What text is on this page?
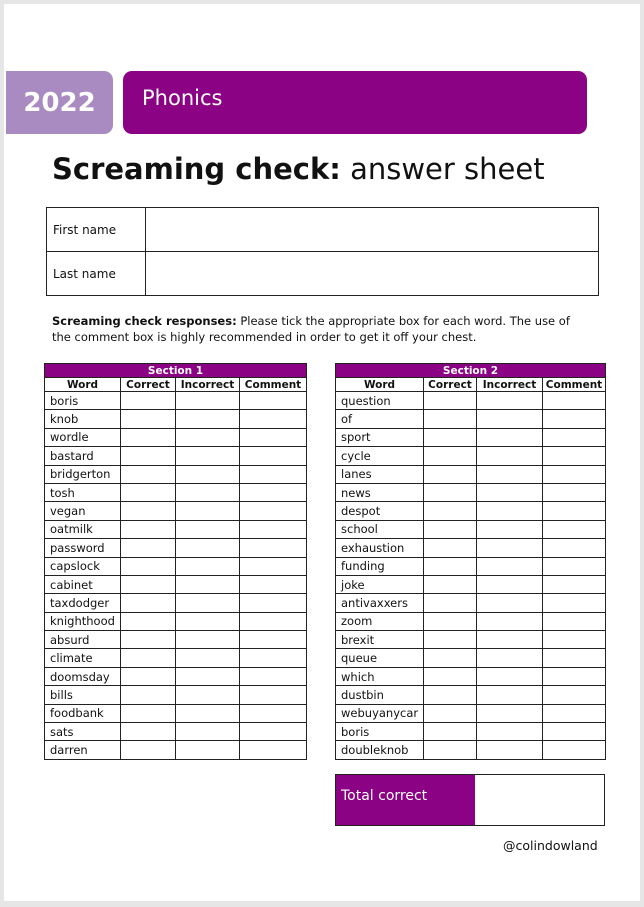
2022	Phonics
Screaming check: answer sheet
First name	
Last name	
Screaming check responses: Please tick the appropriate box for each word. The use of the comment box is highly recommended in order to get it off your chest.
Section 1			
Word	Correct	Incorrect	Comment
boris			
knob			
wordle			
bastard			
bridgerton			
tosh			
vegan			
oatmilk			
password			
capslock			
cabinet			
taxdodger			
knighthood			
absurd			
climate			
doomsday			
bills			
foodbank			
sats			
darren			
Section 2			
Word	Correct	Incorrect	Comment
question			
of			
sport			
cycle			
lanes			
news			
despot			
school			
exhaustion			
funding			
joke			
antivaxxers			
zoom			
brexit			
queue			
which			
dustbin			
webuyanycar			
boris			
doubleknob			
Total correct
@colindowland
